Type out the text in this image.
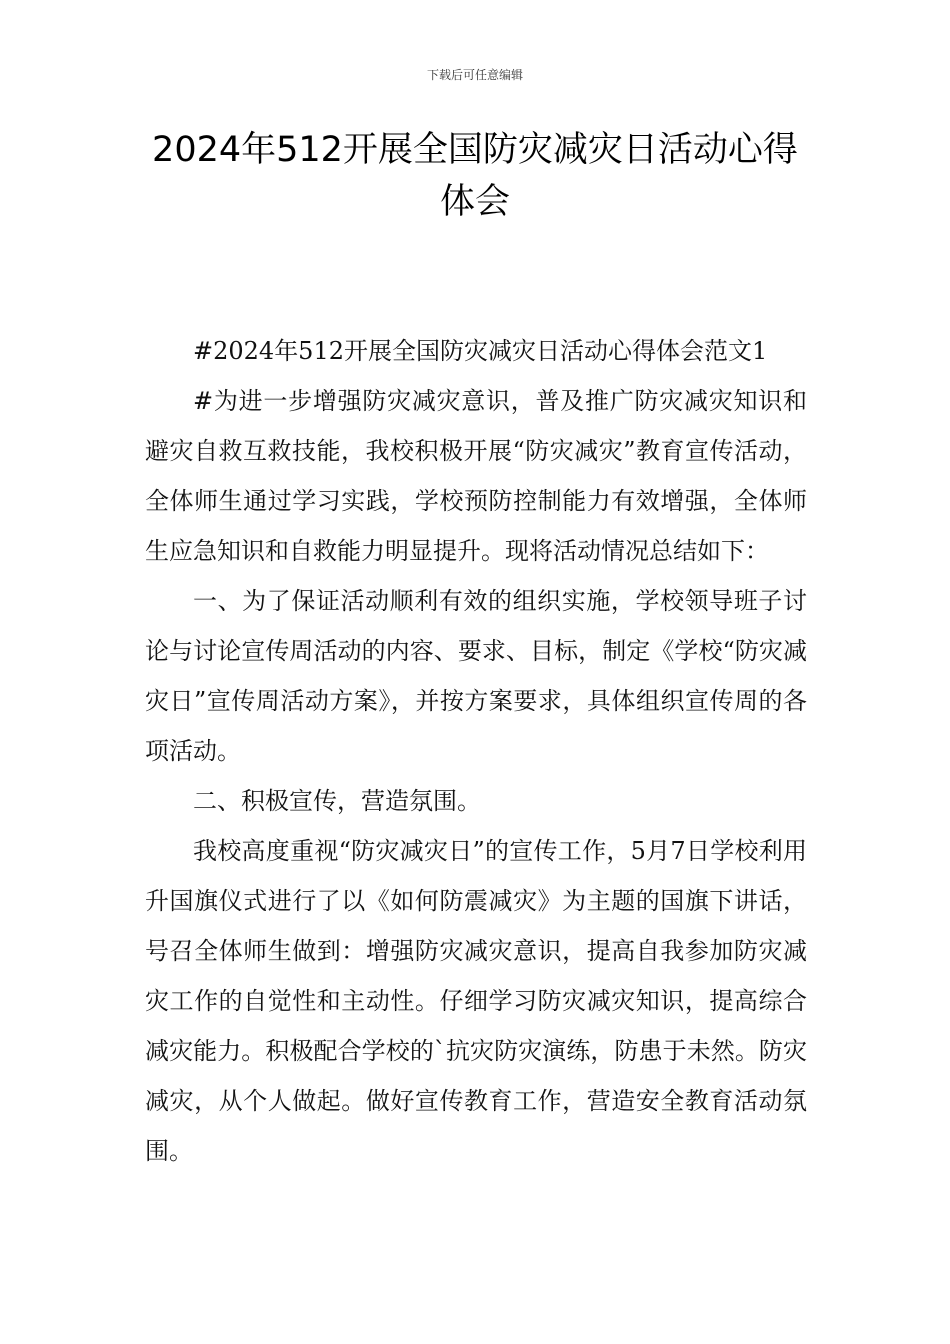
下载后可任意编辑
2024年512开展全国防灾减灾日活动心得体会

#2024年512开展全国防灾减灾日活动心得体会范文1

#为进一步增强防灾减灾意识，普及推广防灾减灾知识和避灾自救互救技能，我校积极开展“防灾减灾”教育宣传活动，全体师生通过学习实践，学校预防控制能力有效增强，全体师生应急知识和自救能力明显提升。现将活动情况总结如下：

一、为了保证活动顺利有效的组织实施，学校领导班子讨论与讨论宣传周活动的内容、要求、目标，制定《学校“防灾减灾日”宣传周活动方案》，并按方案要求，具体组织宣传周的各项活动。

二、积极宣传，营造氛围。

我校高度重视“防灾减灾日”的宣传工作，5月7日学校利用升国旗仪式进行了以《如何防震减灾》为主题的国旗下讲话，号召全体师生做到：增强防灾减灾意识，提高自我参加防灾减灾工作的自觉性和主动性。仔细学习防灾减灾知识，提高综合减灾能力。积极配合学校的`抗灾防灾演练，防患于未然。防灾减灾，从个人做起。做好宣传教育工作，营造安全教育活动氛围。
